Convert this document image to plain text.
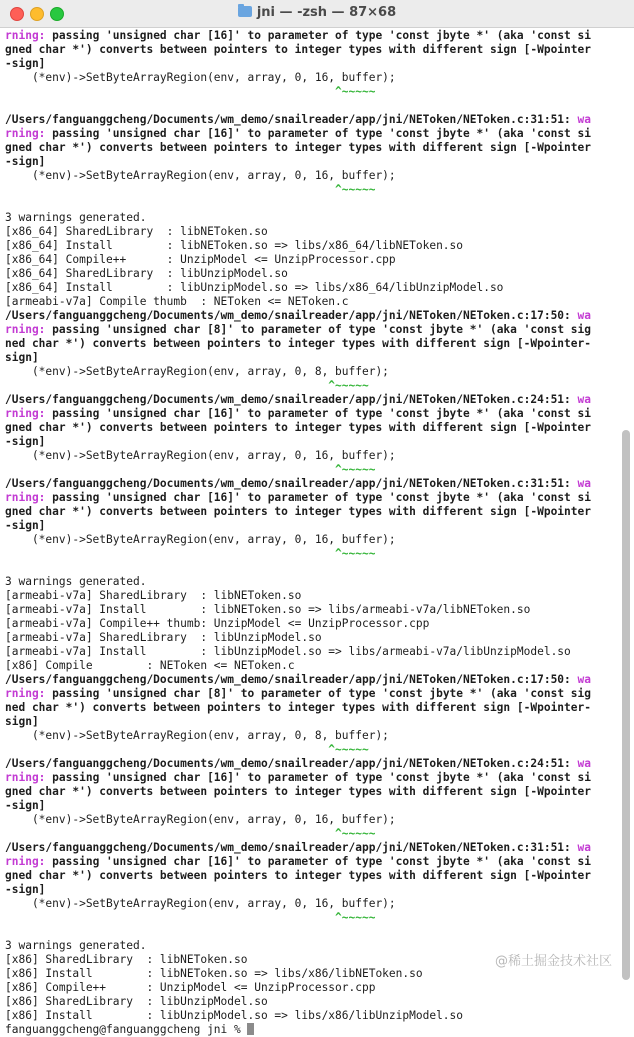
jni — -zsh — 87×68
rning: passing 'unsigned char [16]' to parameter of type 'const jbyte *' (aka 'const si
gned char *') converts between pointers to integer types with different sign [-Wpointer
-sign]
(*env)->SetByteArrayRegion(env, array, 0, 16, buffer);
^~~~~~
/Users/fanguanggcheng/Documents/wm_demo/snailreader/app/jni/NEToken/NEToken.c:31:51: wa
rning: passing 'unsigned char [16]' to parameter of type 'const jbyte *' (aka 'const si
gned char *') converts between pointers to integer types with different sign [-Wpointer
-sign]
(*env)->SetByteArrayRegion(env, array, 0, 16, buffer);
^~~~~~
3 warnings generated.
[x86_64] SharedLibrary  : libNEToken.so
[x86_64] Install        : libNEToken.so => libs/x86_64/libNEToken.so
[x86_64] Compile++      : UnzipModel <= UnzipProcessor.cpp
[x86_64] SharedLibrary  : libUnzipModel.so
[x86_64] Install        : libUnzipModel.so => libs/x86_64/libUnzipModel.so
[armeabi-v7a] Compile thumb  : NEToken <= NEToken.c
/Users/fanguanggcheng/Documents/wm_demo/snailreader/app/jni/NEToken/NEToken.c:17:50: wa
rning: passing 'unsigned char [8]' to parameter of type 'const jbyte *' (aka 'const sig
ned char *') converts between pointers to integer types with different sign [-Wpointer-
sign]
(*env)->SetByteArrayRegion(env, array, 0, 8, buffer);
^~~~~~
/Users/fanguanggcheng/Documents/wm_demo/snailreader/app/jni/NEToken/NEToken.c:24:51: wa
rning: passing 'unsigned char [16]' to parameter of type 'const jbyte *' (aka 'const si
gned char *') converts between pointers to integer types with different sign [-Wpointer
-sign]
(*env)->SetByteArrayRegion(env, array, 0, 16, buffer);
^~~~~~
/Users/fanguanggcheng/Documents/wm_demo/snailreader/app/jni/NEToken/NEToken.c:31:51: wa
rning: passing 'unsigned char [16]' to parameter of type 'const jbyte *' (aka 'const si
gned char *') converts between pointers to integer types with different sign [-Wpointer
-sign]
(*env)->SetByteArrayRegion(env, array, 0, 16, buffer);
^~~~~~
3 warnings generated.
[armeabi-v7a] SharedLibrary  : libNEToken.so
[armeabi-v7a] Install        : libNEToken.so => libs/armeabi-v7a/libNEToken.so
[armeabi-v7a] Compile++ thumb: UnzipModel <= UnzipProcessor.cpp
[armeabi-v7a] SharedLibrary  : libUnzipModel.so
[armeabi-v7a] Install        : libUnzipModel.so => libs/armeabi-v7a/libUnzipModel.so
[x86] Compile        : NEToken <= NEToken.c
/Users/fanguanggcheng/Documents/wm_demo/snailreader/app/jni/NEToken/NEToken.c:17:50: wa
rning: passing 'unsigned char [8]' to parameter of type 'const jbyte *' (aka 'const sig
ned char *') converts between pointers to integer types with different sign [-Wpointer-
sign]
(*env)->SetByteArrayRegion(env, array, 0, 8, buffer);
^~~~~~
/Users/fanguanggcheng/Documents/wm_demo/snailreader/app/jni/NEToken/NEToken.c:24:51: wa
rning: passing 'unsigned char [16]' to parameter of type 'const jbyte *' (aka 'const si
gned char *') converts between pointers to integer types with different sign [-Wpointer
-sign]
(*env)->SetByteArrayRegion(env, array, 0, 16, buffer);
^~~~~~
/Users/fanguanggcheng/Documents/wm_demo/snailreader/app/jni/NEToken/NEToken.c:31:51: wa
rning: passing 'unsigned char [16]' to parameter of type 'const jbyte *' (aka 'const si
gned char *') converts between pointers to integer types with different sign [-Wpointer
-sign]
(*env)->SetByteArrayRegion(env, array, 0, 16, buffer);
^~~~~~
3 warnings generated.
[x86] SharedLibrary  : libNEToken.so
[x86] Install        : libNEToken.so => libs/x86/libNEToken.so
[x86] Compile++      : UnzipModel <= UnzipProcessor.cpp
[x86] SharedLibrary  : libUnzipModel.so
[x86] Install        : libUnzipModel.so => libs/x86/libUnzipModel.so
fanguanggcheng@fanguanggcheng jni %
@稀土掘金技术社区
